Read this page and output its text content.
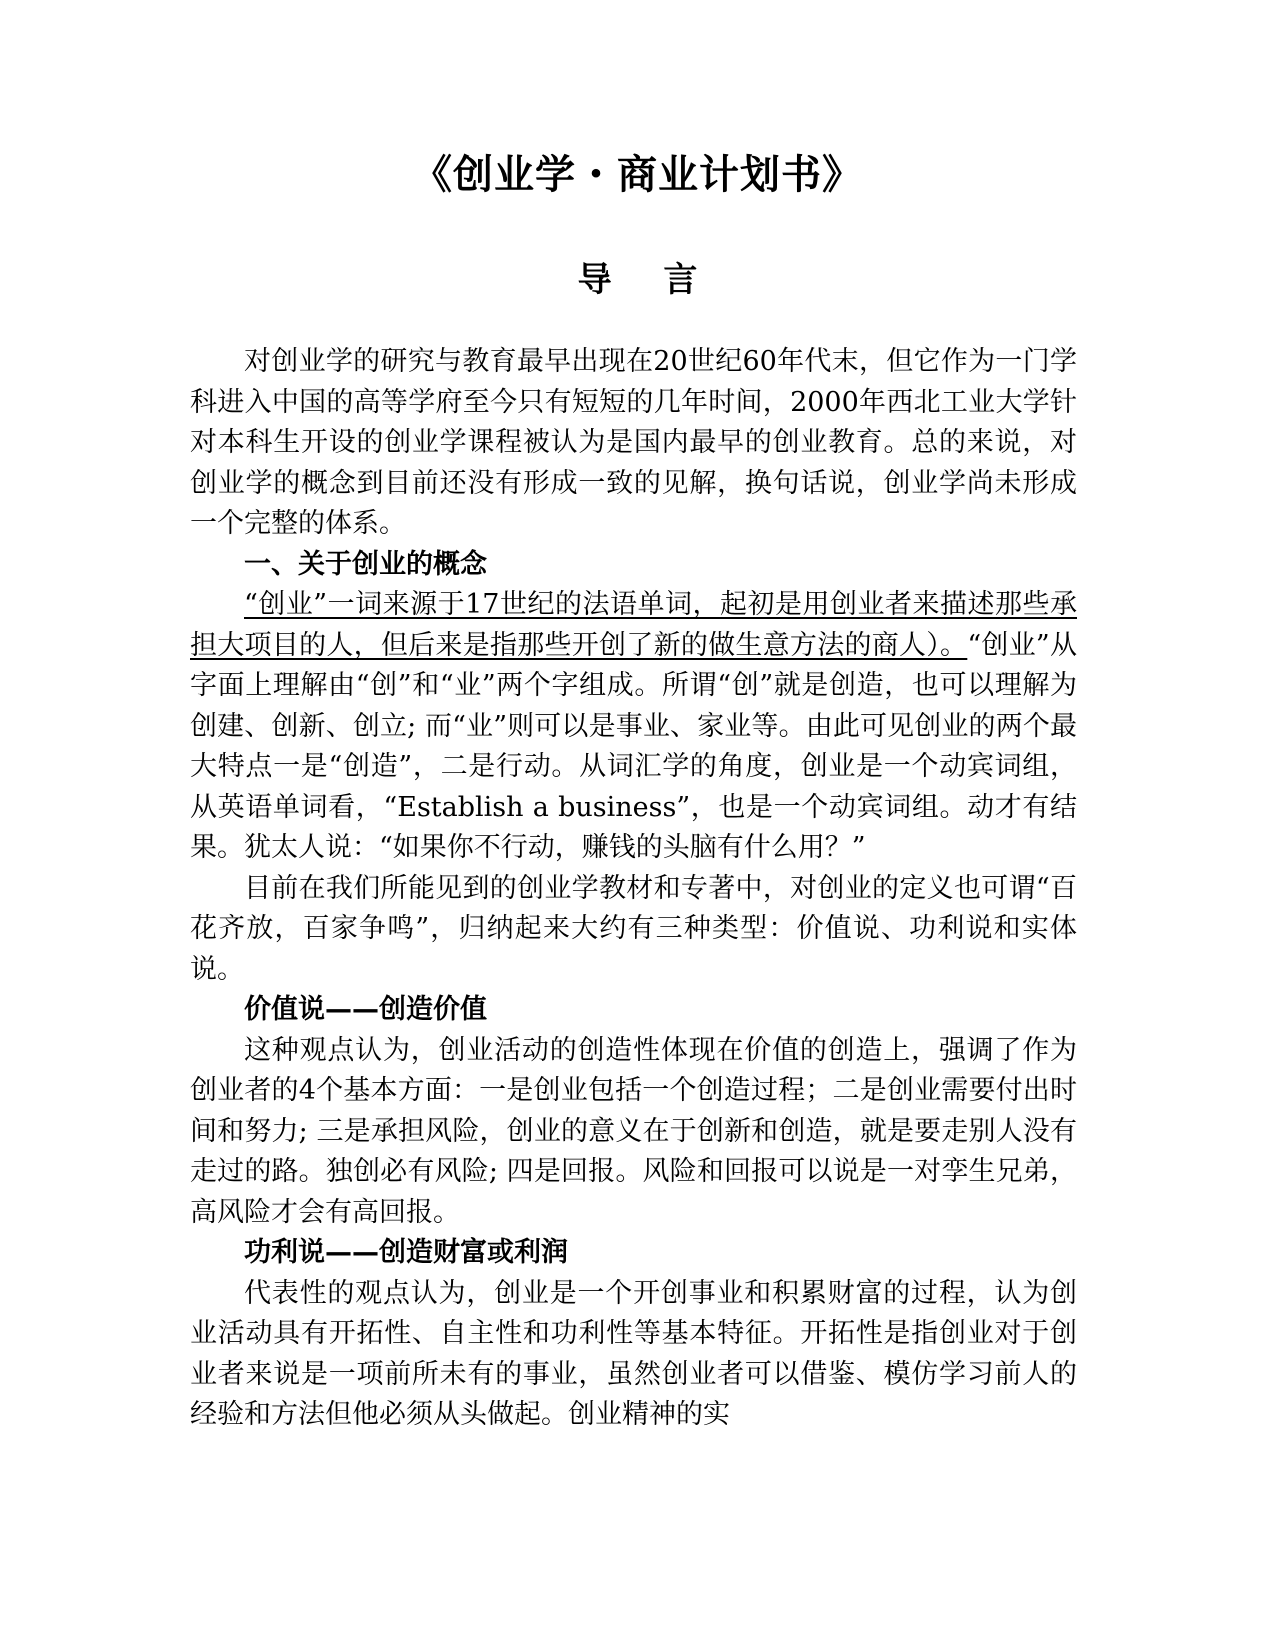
《创业学・商业计划书》
导 言

对创业学的研究与教育最早出现在20世纪60年代末，但它作为一门学科进入中国的高等学府至今只有短短的几年时间，2000年西北工业大学针对本科生开设的创业学课程被认为是国内最早的创业教育。总的来说，对创业学的概念到目前还没有形成一致的见解，换句话说，创业学尚未形成一个完整的体系。

一、关于创业的概念

“创业”一词来源于17世纪的法语单词，起初是用创业者来描述那些承担大项目的人，但后来是指那些开创了新的做生意方法的商人）。“创业”从字面上理解由“创”和“业”两个字组成。所谓“创”就是创造，也可以理解为创建、创新、创立; 而“业”则可以是事业、家业等。由此可见创业的两个最大特点一是“创造”，二是行动。从词汇学的角度，创业是一个动宾词组，从英语单词看，“Establish a business”，也是一个动宾词组。动才有结果。犹太人说：“如果你不行动，赚钱的头脑有什么用？”

目前在我们所能见到的创业学教材和专著中，对创业的定义也可谓“百花齐放，百家争鸣”，归纳起来大约有三种类型：价值说、功利说和实体说。

价值说——创造价值

这种观点认为，创业活动的创造性体现在价值的创造上，强调了作为创业者的4个基本方面：一是创业包括一个创造过程；二是创业需要付出时间和努力; 三是承担风险，创业的意义在于创新和创造，就是要走别人没有走过的路。独创必有风险; 四是回报。风险和回报可以说是一对孪生兄弟，高风险才会有高回报。

功利说——创造财富或利润

代表性的观点认为，创业是一个开创事业和积累财富的过程，认为创业活动具有开拓性、自主性和功利性等基本特征。开拓性是指创业对于创业者来说是一项前所未有的事业，虽然创业者可以借鉴、模仿学习前人的经验和方法但他必须从头做起。创业精神的实
